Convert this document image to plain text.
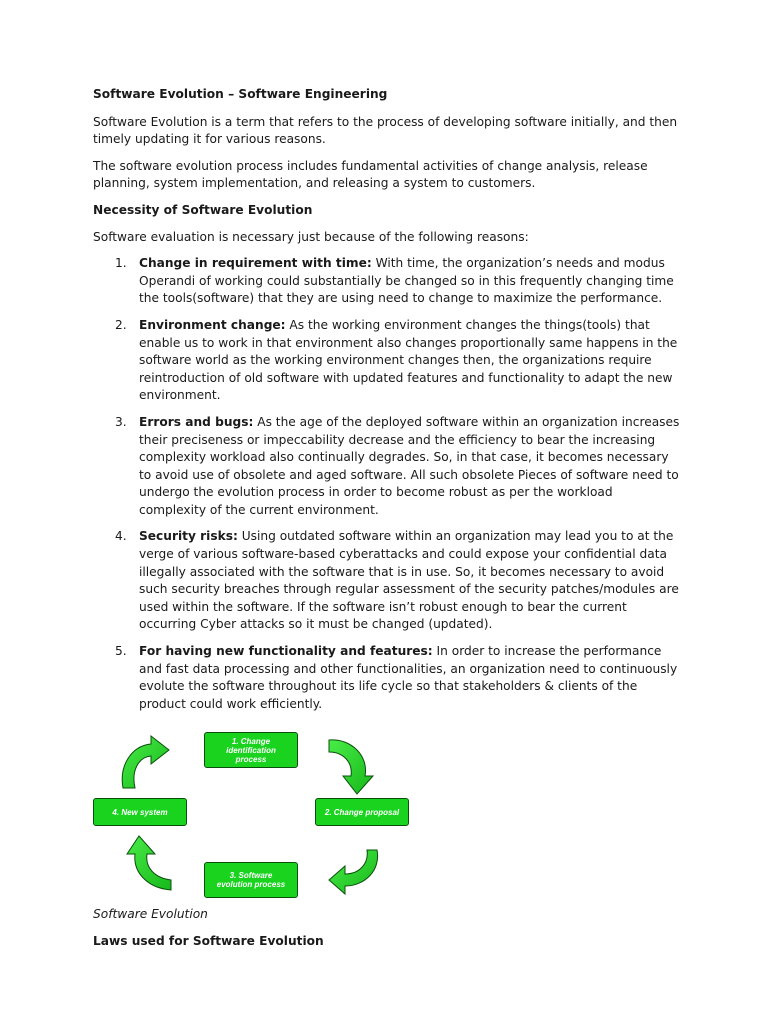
Software Evolution – Software Engineering

Software Evolution is a term that refers to the process of developing software initially, and then timely updating it for various reasons.

The software evolution process includes fundamental activities of change analysis, release planning, system implementation, and releasing a system to customers.

Necessity of Software Evolution

Software evaluation is necessary just because of the following reasons:

1. Change in requirement with time: With time, the organization’s needs and modus Operandi of working could substantially be changed so in this frequently changing time the tools(software) that they are using need to change to maximize the performance.
2. Environment change: As the working environment changes the things(tools) that enable us to work in that environment also changes proportionally same happens in the software world as the working environment changes then, the organizations require reintroduction of old software with updated features and functionality to adapt the new environment.
3. Errors and bugs: As the age of the deployed software within an organization increases their preciseness or impeccability decrease and the efficiency to bear the increasing complexity workload also continually degrades. So, in that case, it becomes necessary to avoid use of obsolete and aged software. All such obsolete Pieces of software need to undergo the evolution process in order to become robust as per the workload complexity of the current environment.
4. Security risks: Using outdated software within an organization may lead you to at the verge of various software-based cyberattacks and could expose your confidential data illegally associated with the software that is in use. So, it becomes necessary to avoid such security breaches through regular assessment of the security patches/modules are used within the software. If the software isn’t robust enough to bear the current occurring Cyber attacks so it must be changed (updated).
5. For having new functionality and features: In order to increase the performance and fast data processing and other functionalities, an organization need to continuously evolute the software throughout its life cycle so that stakeholders & clients of the product could work efficiently.
1. Change identification process
2. Change proposal
3. Software evolution process
4. New system

Software Evolution

Laws used for Software Evolution
